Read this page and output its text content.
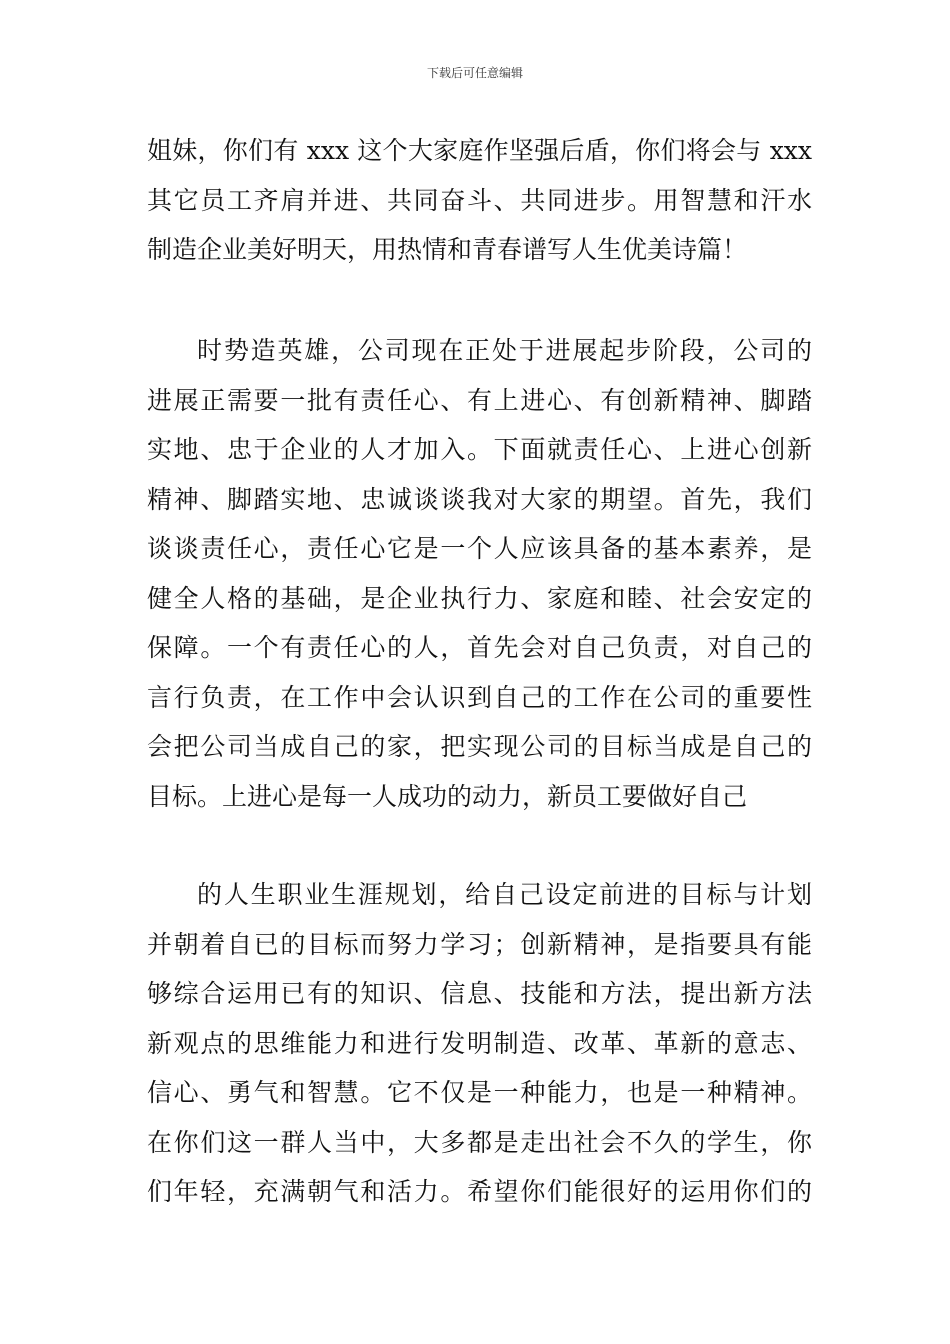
下载后可任意编辑
姐妹，你们有 xxx 这个大家庭作坚强后盾，你们将会与 xxx
其它员工齐肩并进、共同奋斗、共同进步。用智慧和汗水
制造企业美好明天，用热情和青春谱写人生优美诗篇！
时势造英雄，公司现在正处于进展起步阶段，公司的
进展正需要一批有责任心、有上进心、有创新精神、脚踏
实地、忠于企业的人才加入。下面就责任心、上进心创新
精神、脚踏实地、忠诚谈谈我对大家的期望。首先，我们
谈谈责任心，责任心它是一个人应该具备的基本素养，是
健全人格的基础，是企业执行力、家庭和睦、社会安定的
保障。一个有责任心的人，首先会对自己负责，对自己的
言行负责，在工作中会认识到自己的工作在公司的重要性
会把公司当成自己的家，把实现公司的目标当成是自己的
目标。上进心是每一人成功的动力，新员工要做好自己
的人生职业生涯规划，给自己设定前进的目标与计划
并朝着自已的目标而努力学习；创新精神，是指要具有能
够综合运用已有的知识、信息、技能和方法，提出新方法
新观点的思维能力和进行发明制造、改革、革新的意志、
信心、勇气和智慧。它不仅是一种能力，也是一种精神。
在你们这一群人当中，大多都是走出社会不久的学生，你
们年轻，充满朝气和活力。希望你们能很好的运用你们的
